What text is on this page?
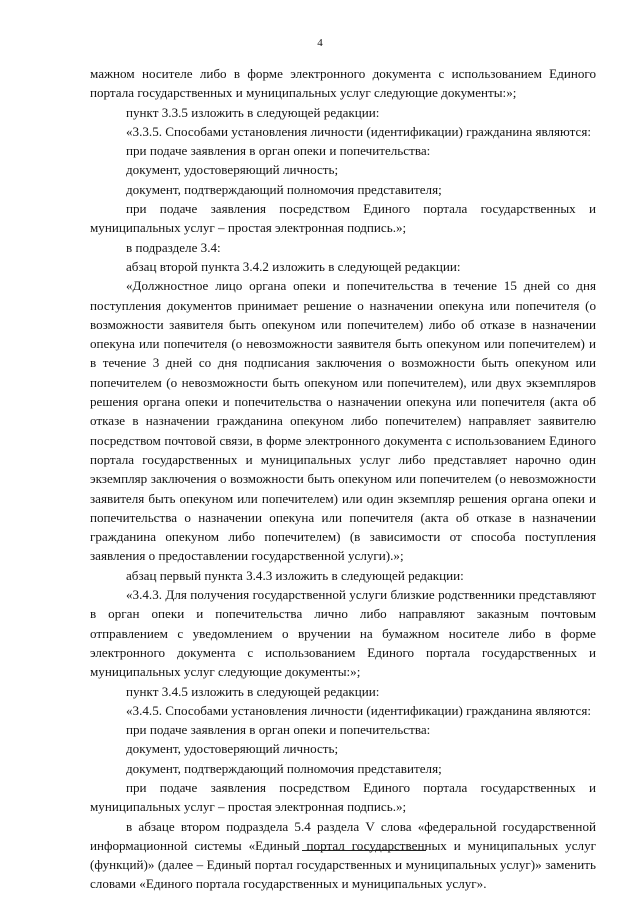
4

мажном носителе либо в форме электронного документа с использованием Единого портала государственных и муниципальных услуг следующие документы:»;

пункт 3.3.5 изложить в следующей редакции:

«3.3.5. Способами установления личности (идентификации) гражданина являются:

при подаче заявления в орган опеки и попечительства:

документ, удостоверяющий личность;

документ, подтверждающий полномочия представителя;

при подаче заявления посредством Единого портала государственных и муниципальных услуг – простая электронная подпись.»;

в подразделе 3.4:

абзац второй пункта 3.4.2 изложить в следующей редакции:

«Должностное лицо органа опеки и попечительства в течение 15 дней со дня поступления документов принимает решение о назначении опекуна или попечителя (о возможности заявителя быть опекуном или попечителем) либо об отказе в назначении опекуна или попечителя (о невозможности заявителя быть опекуном или попечителем) и в течение 3 дней со дня подписания заключения о возможности быть опекуном или попечителем (о невозможности быть опекуном или попечителем), или двух экземпляров решения органа опеки и попечительства о назначении опекуна или попечителя (акта об отказе в назначении гражданина опекуном либо попечителем) направляет заявителю посредством почтовой связи, в форме электронного документа с использованием Единого портала государственных и муниципальных услуг либо представляет нарочно один экземпляр заключения о возможности быть опекуном или попечителем (о невозможности заявителя быть опекуном или попечителем) или один экземпляр решения органа опеки и попечительства о назначении опекуна или попечителя (акта об отказе в назначении гражданина опекуном либо попечителем) (в зависимости от способа поступления заявления о предоставлении государственной услуги).»;

абзац первый пункта 3.4.3 изложить в следующей редакции:

«3.4.3. Для получения государственной услуги близкие родственники представляют в орган опеки и попечительства лично либо направляют заказным почтовым отправлением с уведомлением о вручении на бумажном носителе либо в форме электронного документа с использованием Единого портала государственных и муниципальных услуг следующие документы:»;

пункт 3.4.5 изложить в следующей редакции:

«3.4.5. Способами установления личности (идентификации) гражданина являются:

при подаче заявления в орган опеки и попечительства:

документ, удостоверяющий личность;

документ, подтверждающий полномочия представителя;

при подаче заявления посредством Единого портала государственных и муниципальных услуг – простая электронная подпись.»;

в абзаце втором подраздела 5.4 раздела V слова «федеральной государственной информационной системы «Единый портал государственных и муниципальных услуг (функций)» (далее – Единый портал государственных и муниципальных услуг)» заменить словами «Единого портала государственных и муниципальных услуг».
